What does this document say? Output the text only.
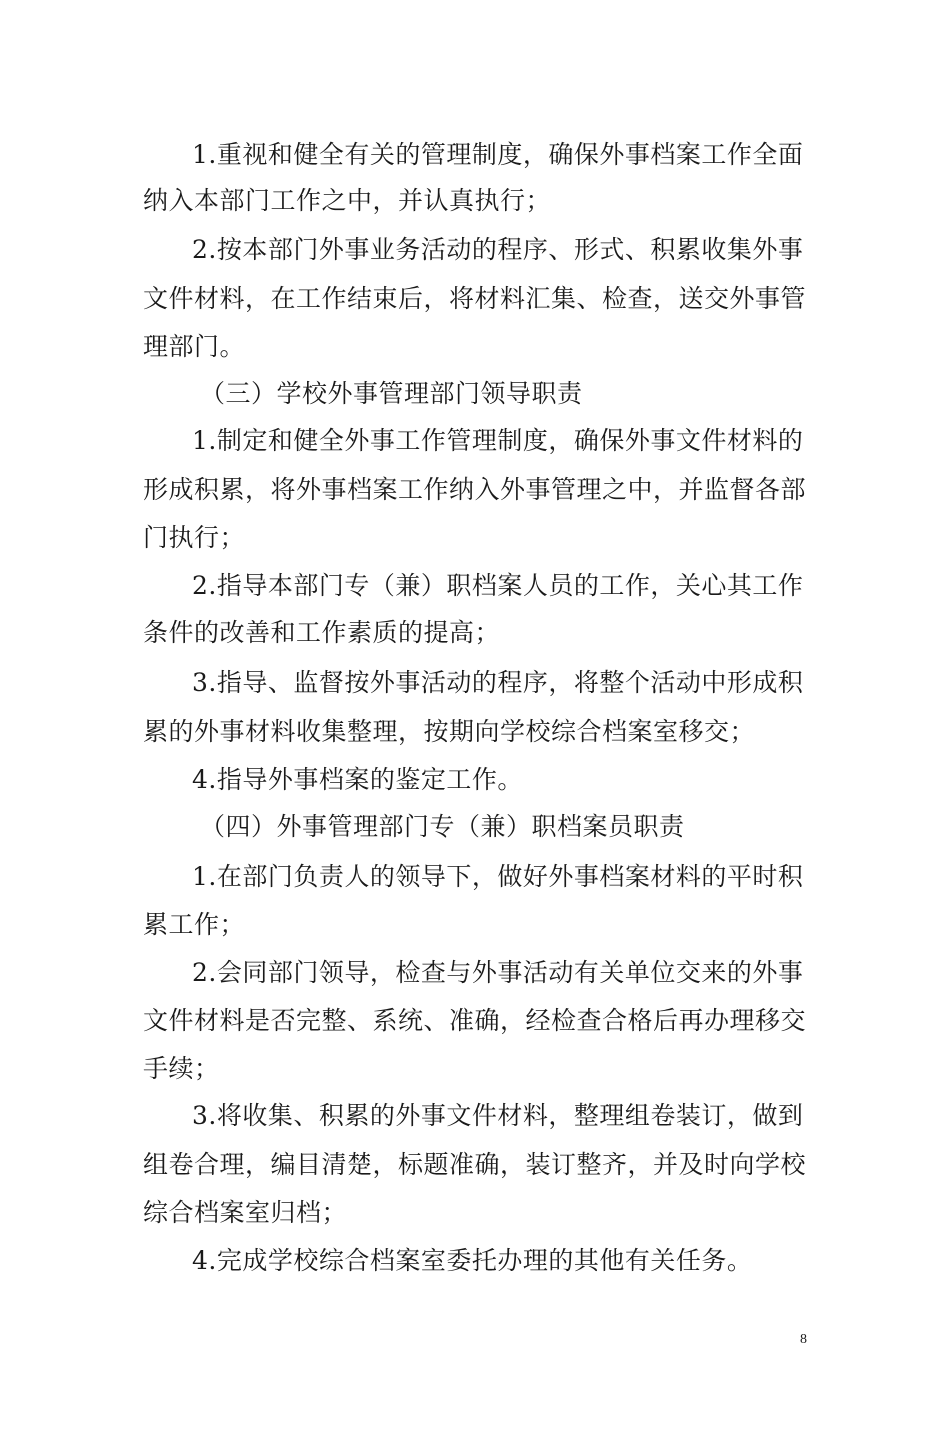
1.重视和健全有关的管理制度，确保外事档案工作全面
纳入本部门工作之中，并认真执行；
2.按本部门外事业务活动的程序、形式、积累收集外事
文件材料，在工作结束后，将材料汇集、检查，送交外事管
理部门。
（三）学校外事管理部门领导职责
1.制定和健全外事工作管理制度，确保外事文件材料的
形成积累，将外事档案工作纳入外事管理之中，并监督各部
门执行；
2.指导本部门专（兼）职档案人员的工作，关心其工作
条件的改善和工作素质的提高；
3.指导、监督按外事活动的程序，将整个活动中形成积
累的外事材料收集整理，按期向学校综合档案室移交；
4.指导外事档案的鉴定工作。
（四）外事管理部门专（兼）职档案员职责
1.在部门负责人的领导下，做好外事档案材料的平时积
累工作；
2.会同部门领导，检查与外事活动有关单位交来的外事
文件材料是否完整、系统、准确，经检查合格后再办理移交
手续；
3.将收集、积累的外事文件材料，整理组卷装订，做到
组卷合理，编目清楚，标题准确，装订整齐，并及时向学校
综合档案室归档；
4.完成学校综合档案室委托办理的其他有关任务。
8
